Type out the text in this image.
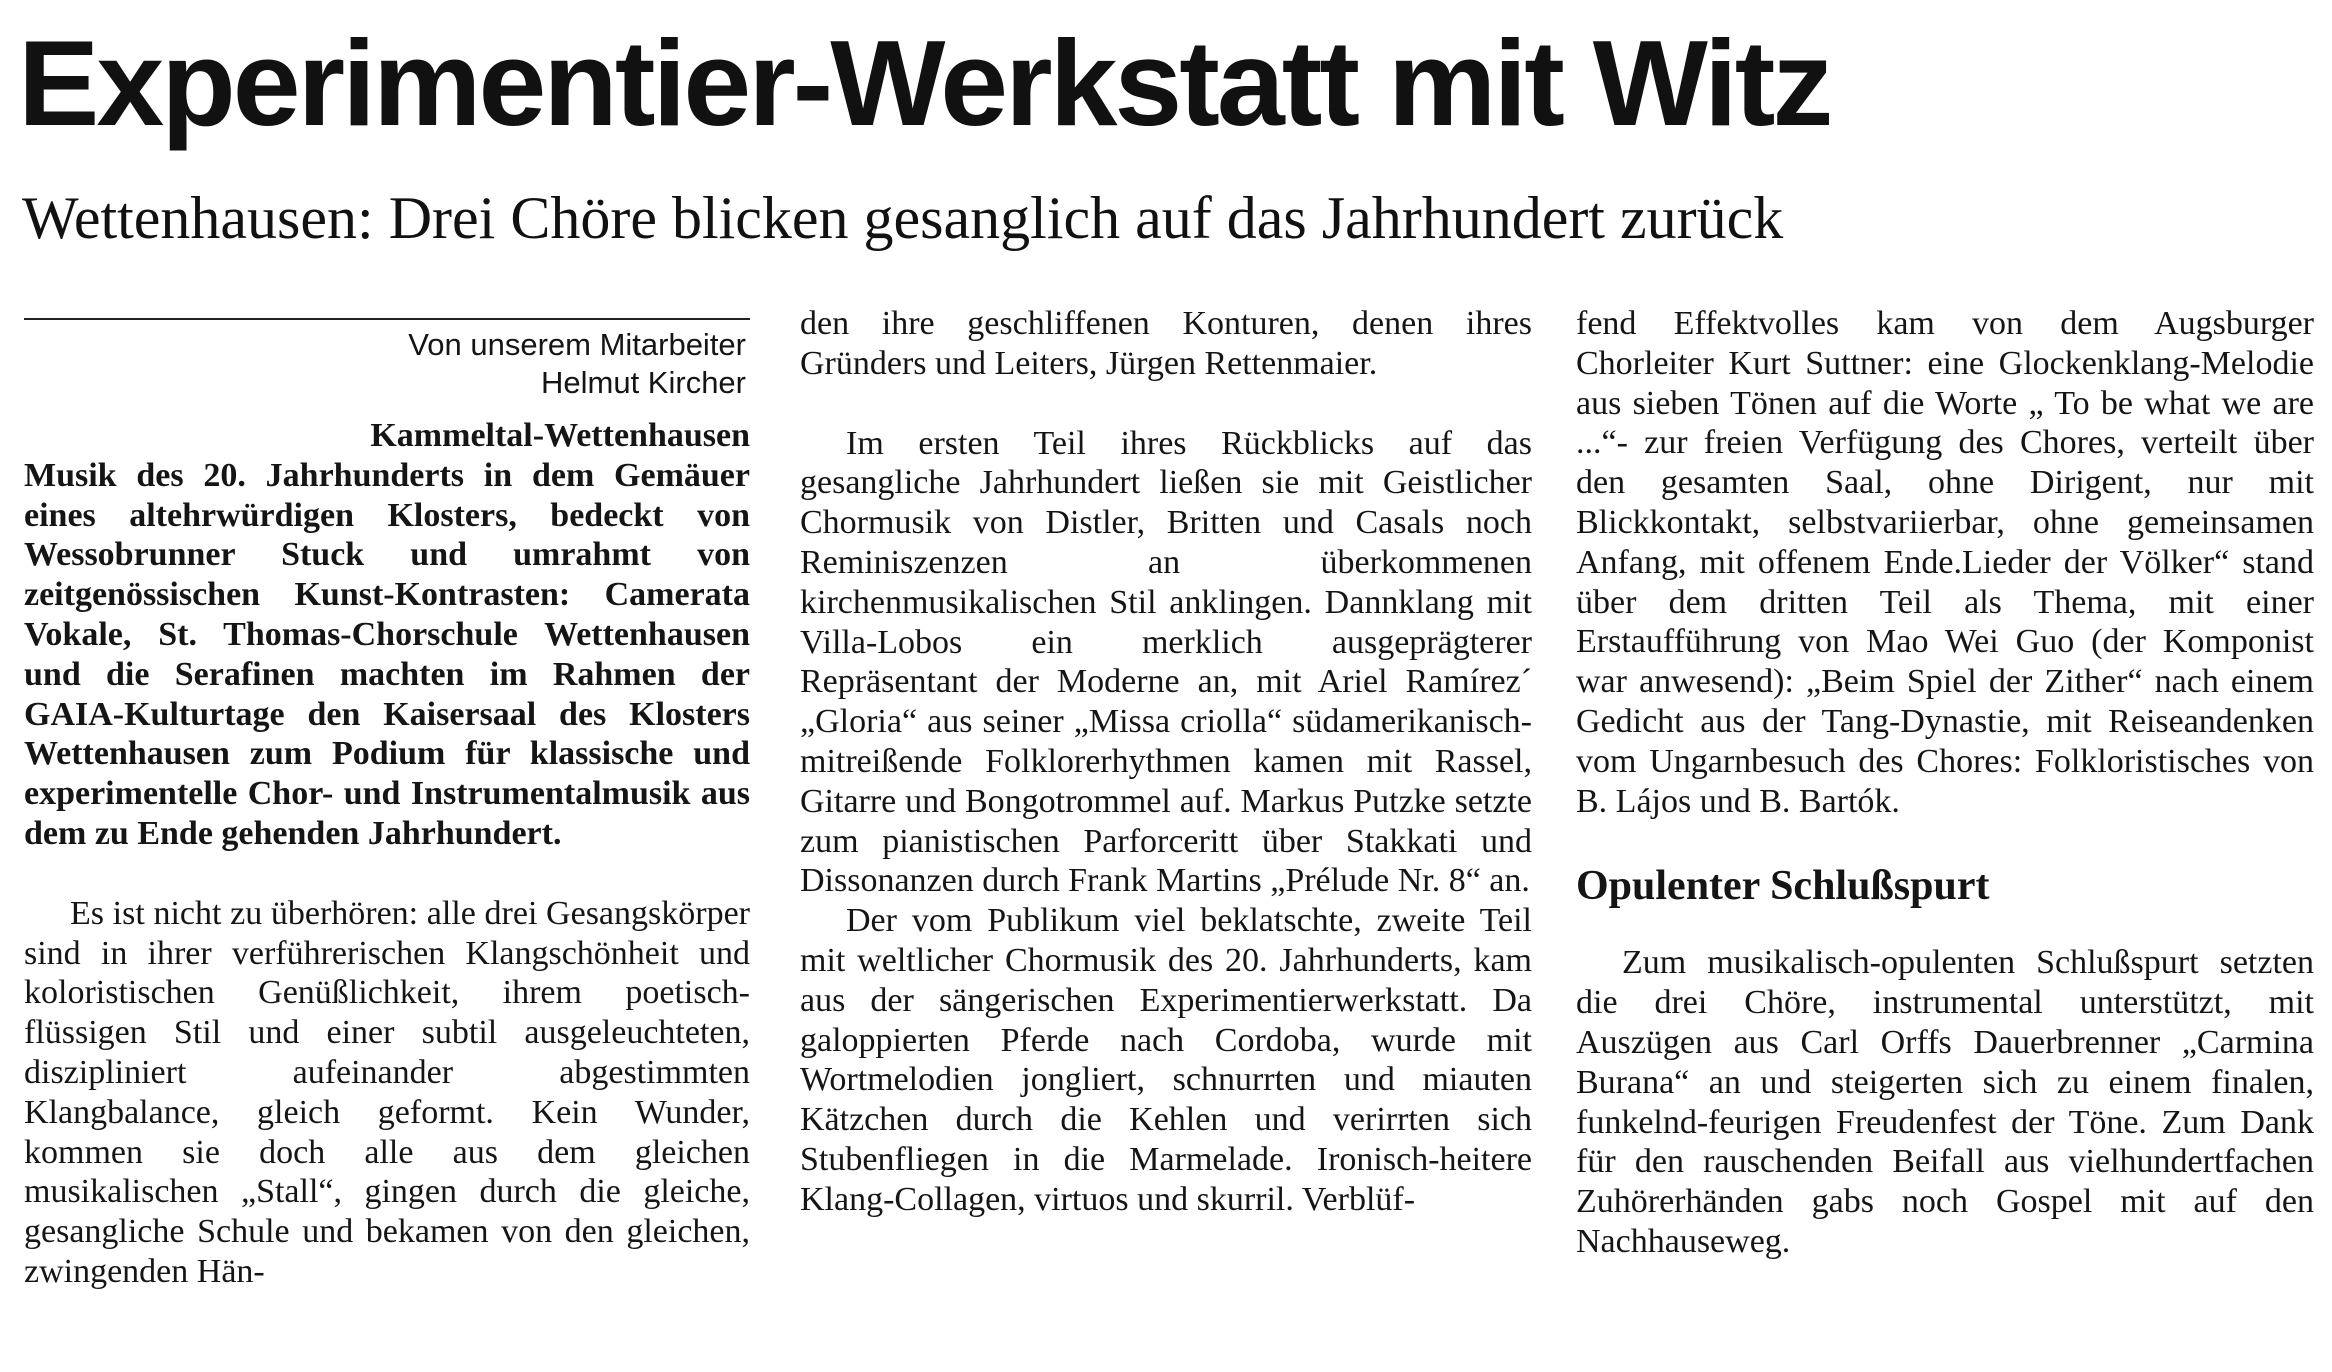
Experimentier-Werkstatt mit Witz
Wettenhausen: Drei Chöre blicken gesanglich auf das Jahrhundert zurück
Von unserem Mitarbeiter
Helmut Kircher

Kammeltal-Wettenhausen
Musik des 20. Jahrhunderts in dem Gemäuer eines altehrwürdigen Klosters, bedeckt von Wessobrunner Stuck und umrahmt von zeitgenössischen Kunst-Kontrasten: Camerata Vokale, St. Thomas-Chorschule Wettenhausen und die Serafinen machten im Rahmen der GAIA-Kulturtage den Kaisersaal des Klosters Wettenhausen zum Podium für klassische und experimentelle Chor- und Instrumentalmusik aus dem zu Ende gehenden Jahrhundert.

Es ist nicht zu überhören: alle drei Gesangskörper sind in ihrer verführerischen Klangschönheit und koloristischen Genüßlichkeit, ihrem poetisch-flüssigen Stil und einer subtil ausgeleuchteten, diszipliniert aufeinander abgestimmten Klangbalance, gleich geformt. Kein Wunder, kommen sie doch alle aus dem gleichen musikalischen „Stall“, gingen durch die gleiche, gesangliche Schule und bekamen von den gleichen, zwingenden Hän-

den ihre geschliffenen Konturen, denen ihres Gründers und Leiters, Jürgen Rettenmaier.

Im ersten Teil ihres Rückblicks auf das gesangliche Jahrhundert ließen sie mit Geistlicher Chormusik von Distler, Britten und Casals noch Reminiszenzen an überkommenen kirchenmusikalischen Stil anklingen. Dannklang mit Villa-Lobos ein merklich ausgeprägterer Repräsentant der Moderne an, mit Ariel Ramírez´ „Gloria“ aus seiner „Missa criolla“ südamerikanisch-mitreißende Folklorerhythmen kamen mit Rassel, Gitarre und Bongotrommel auf. Markus Putzke setzte zum pianistischen Parforceritt über Stakkati und Dissonanzen durch Frank Martins „Prélude Nr. 8“ an.

Der vom Publikum viel beklatschte, zweite Teil mit weltlicher Chormusik des 20. Jahrhunderts, kam aus der sängerischen Experimentierwerkstatt. Da galoppierten Pferde nach Cordoba, wurde mit Wortmelodien jongliert, schnurrten und miauten Kätzchen durch die Kehlen und verirrten sich Stubenfliegen in die Marmelade. Ironisch-heitere Klang-Collagen, virtuos und skurril. Verblüf-

fend Effektvolles kam von dem Augsburger Chorleiter Kurt Suttner: eine Glockenklang-Melodie aus sieben Tönen auf die Worte „ To be what we are ...“- zur freien Verfügung des Chores, verteilt über den gesamten Saal, ohne Dirigent, nur mit Blickkontakt, selbstvariierbar, ohne gemeinsamen Anfang, mit offenem Ende.Lieder der Völker“ stand über dem dritten Teil als Thema, mit einer Erstaufführung von Mao Wei Guo (der Komponist war anwesend): „Beim Spiel der Zither“ nach einem Gedicht aus der Tang-Dynastie, mit Reiseandenken vom Ungarnbesuch des Chores: Folkloristisches von B. Lájos und B. Bartók.

Opulenter Schlußspurt

Zum musikalisch-opulenten Schlußspurt setzten die drei Chöre, instrumental unterstützt, mit Auszügen aus Carl Orffs Dauerbrenner „Carmina Burana“ an und steigerten sich zu einem finalen, funkelnd-feurigen Freudenfest der Töne. Zum Dank für den rauschenden Beifall aus vielhundertfachen Zuhörerhänden gabs noch Gospel mit auf den Nachhauseweg.
